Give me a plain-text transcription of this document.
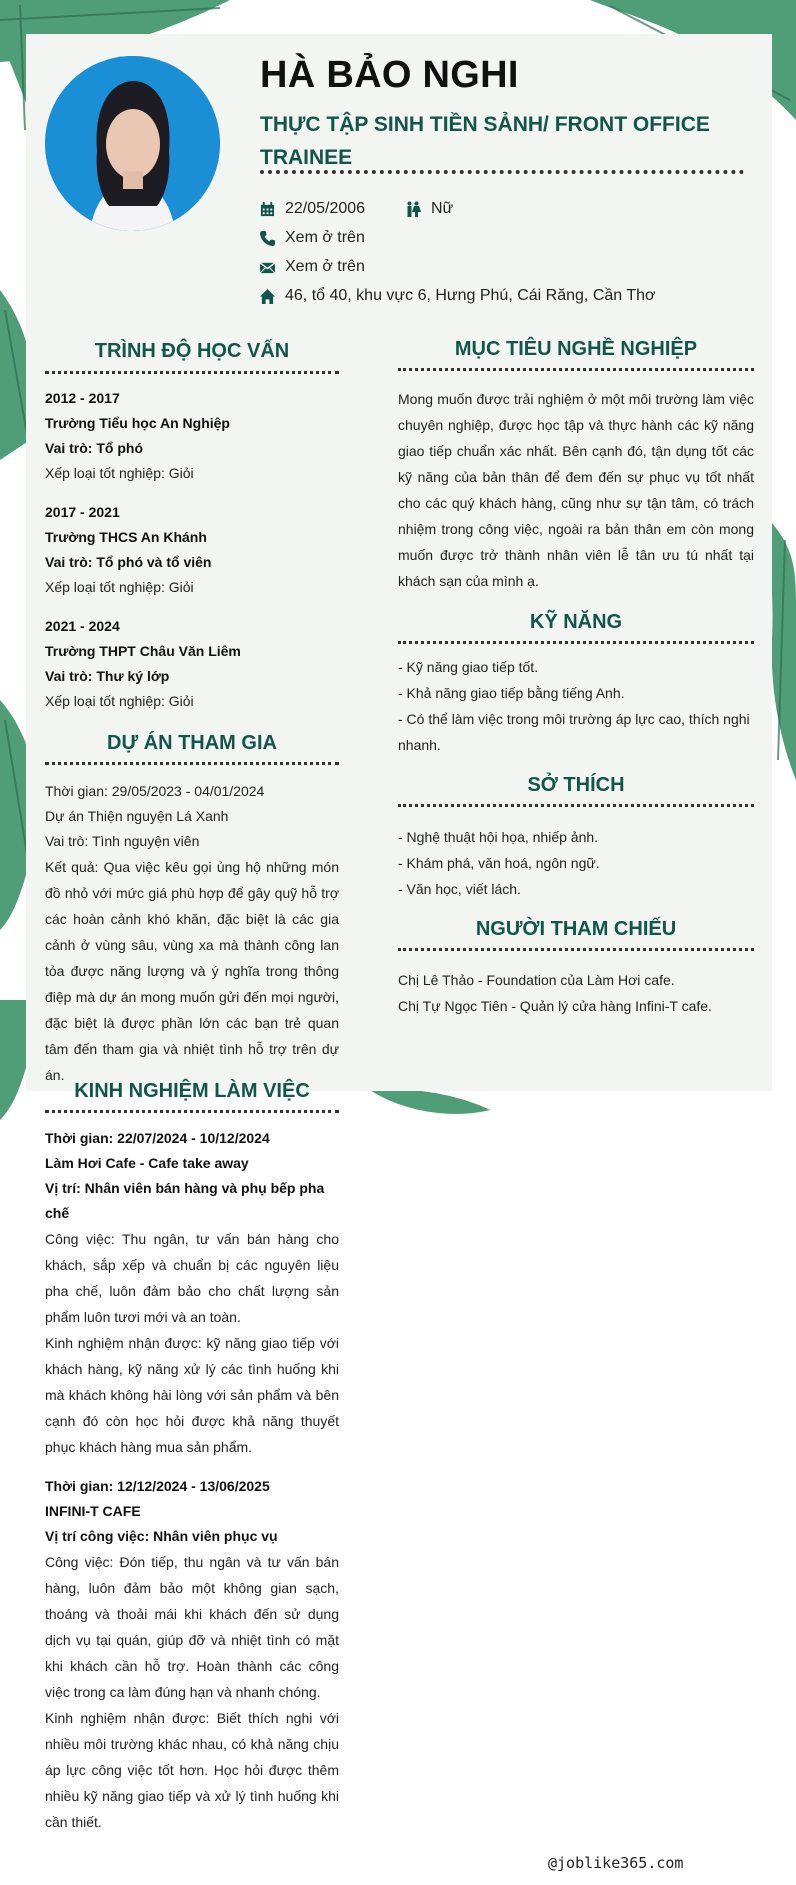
HÀ BẢO NGHI
THỰC TẬP SINH TIỀN SẢNH/ FRONT OFFICE TRAINEE
22/05/2006	Nữ
Xem ở trên
Xem ở trên
46, tổ 40, khu vực 6, Hưng Phú, Cái Răng, Cần Thơ
TRÌNH ĐỘ HỌC VẤN

2012 - 2017

Trường Tiểu học An Nghiệp

Vai trò: Tổ phó

Xếp loại tốt nghiệp: Giỏi

2017 - 2021

Trường THCS An Khánh

Vai trò: Tổ phó và tổ viên

Xếp loại tốt nghiệp: Giỏi

2021 - 2024

Trường THPT Châu Văn Liêm

Vai trò: Thư ký lớp

Xếp loại tốt nghiệp: Giỏi

DỰ ÁN THAM GIA

Thời gian: 29/05/2023 - 04/01/2024

Dự án Thiện nguyện Lá Xanh

Vai trò: Tình nguyện viên

Kết quả: Qua việc kêu gọi ủng hộ những món đồ nhỏ với mức giá phù hợp để gây quỹ hỗ trợ các hoàn cảnh khó khăn, đặc biệt là các gia cảnh ở vùng sâu, vùng xa mà thành công lan tỏa được năng lượng và ý nghĩa trong thông điệp mà dự án mong muốn gửi đến mọi người, đặc biệt là được phần lớn các bạn trẻ quan tâm đến tham gia và nhiệt tình hỗ trợ trên dự án.

KINH NGHIỆM LÀM VIỆC

Thời gian: 22/07/2024 - 10/12/2024

Làm Hơi Cafe - Cafe take away

Vị trí: Nhân viên bán hàng và phụ bếp pha chế

Công việc: Thu ngân, tư vấn bán hàng cho khách, sắp xếp và chuẩn bị các nguyên liệu pha chế, luôn đảm bảo cho chất lượng sản phẩm luôn tươi mới và an toàn.

Kinh nghiệm nhận được: kỹ năng giao tiếp với khách hàng, kỹ năng xử lý các tình huống khi mà khách không hài lòng với sản phẩm và bên cạnh đó còn học hỏi được khả năng thuyết phục khách hàng mua sản phẩm.

Thời gian: 12/12/2024 - 13/06/2025

INFINI-T CAFE

Vị trí công việc: Nhân viên phục vụ

Công việc: Đón tiếp, thu ngân và tư vấn bán hàng, luôn đảm bảo một không gian sạch, thoáng và thoải mái khi khách đến sử dụng dịch vụ tại quán, giúp đỡ và nhiệt tình có mặt khi khách cần hỗ trợ. Hoàn thành các công việc trong ca làm đúng hạn và nhanh chóng.

Kinh nghiệm nhận được: Biết thích nghi với nhiều môi trường khác nhau, có khả năng chịu áp lực công việc tốt hơn. Học hỏi được thêm nhiều kỹ năng giao tiếp và xử lý tình huống khi cần thiết.

MỤC TIÊU NGHỀ NGHIỆP
Mong muốn được trải nghiệm ở một môi trường làm việc chuyên nghiệp, được học tập và thực hành các kỹ năng giao tiếp chuẩn xác nhất. Bên cạnh đó, tận dụng tốt các kỹ năng của bản thân để đem đến sự phục vụ tốt nhất cho các quý khách hàng, cũng như sự tận tâm, có trách nhiệm trong công việc, ngoài ra bản thân em còn mong muốn được trở thành nhân viên lễ tân ưu tú nhất tại khách sạn của mình ạ.
KỸ NĂNG

- Kỹ năng giao tiếp tốt.

- Khả năng giao tiếp bằng tiếng Anh.

- Có thể làm việc trong môi trường áp lực cao, thích nghi nhanh.

SỞ THÍCH

- Nghệ thuật hội họa, nhiếp ảnh.

- Khám phá, văn hoá, ngôn ngữ.

- Văn học, viết lách.

NGƯỜI THAM CHIẾU

Chị Lê Thảo - Foundation của Làm Hơi cafe.

Chị Tự Ngọc Tiên - Quản lý cửa hàng Infini-T cafe.

@joblike365.com
